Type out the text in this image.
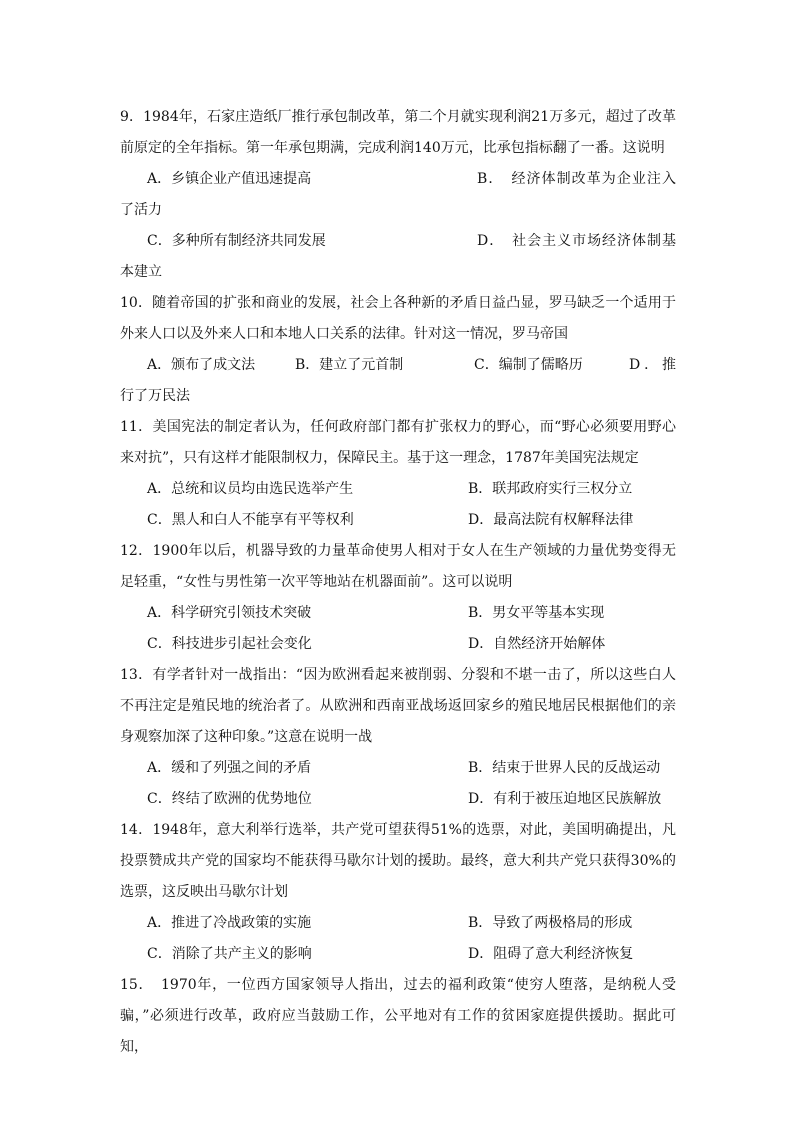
9．1984年，石家庄造纸厂推行承包制改革，第二个月就实现利润21万多元，超过了改革前原定的全年指标。第一年承包期满，完成利润140万元，比承包指标翻了一番。这说明

A．乡镇企业产值迅速提高	B．　经济体制改革为企业注入了活力
C．多种所有制经济共同发展	D．　社会主义市场经济体制基本建立

10．随着帝国的扩张和商业的发展，社会上各种新的矛盾日益凸显，罗马缺乏一个适用于外来人口以及外来人口和本地人口关系的法律。针对这一情况，罗马帝国

A．颁布了成文法	B．建立了元首制	C．编制了儒略历	D．推行了万民法

11．美国宪法的制定者认为，任何政府部门都有扩张权力的野心，而“野心必须要用野心来对抗”，只有这样才能限制权力，保障民主。基于这一理念，1787年美国宪法规定

A．总统和议员均由选民选举产生	B．联邦政府实行三权分立
C．黑人和白人不能享有平等权利	D．最高法院有权解释法律

12．1900年以后，机器导致的力量革命使男人相对于女人在生产领域的力量优势变得无足轻重，“女性与男性第一次平等地站在机器面前”。这可以说明

A．科学研究引领技术突破	B．男女平等基本实现
C．科技进步引起社会变化	D．自然经济开始解体

13．有学者针对一战指出：“因为欧洲看起来被削弱、分裂和不堪一击了，所以这些白人不再注定是殖民地的统治者了。从欧洲和西南亚战场返回家乡的殖民地居民根据他们的亲身观察加深了这种印象。”这意在说明一战

A．缓和了列强之间的矛盾	B．结束于世界人民的反战运动
C．终结了欧洲的优势地位	D．有利于被压迫地区民族解放

14．1948年，意大利举行选举，共产党可望获得51%的选票，对此，美国明确提出，凡投票赞成共产党的国家均不能获得马歇尔计划的援助。最终，意大利共产党只获得30%的选票，这反映出马歇尔计划

A．推进了冷战政策的实施	B．导致了两极格局的形成
C．消除了共产主义的影响	D．阻碍了意大利经济恢复

15．　1970年，一位西方国家领导人指出，过去的福利政策“使穷人堕落，是纳税人受骗，”必须进行改革，政府应当鼓励工作，公平地对有工作的贫困家庭提供援助。据此可知，
